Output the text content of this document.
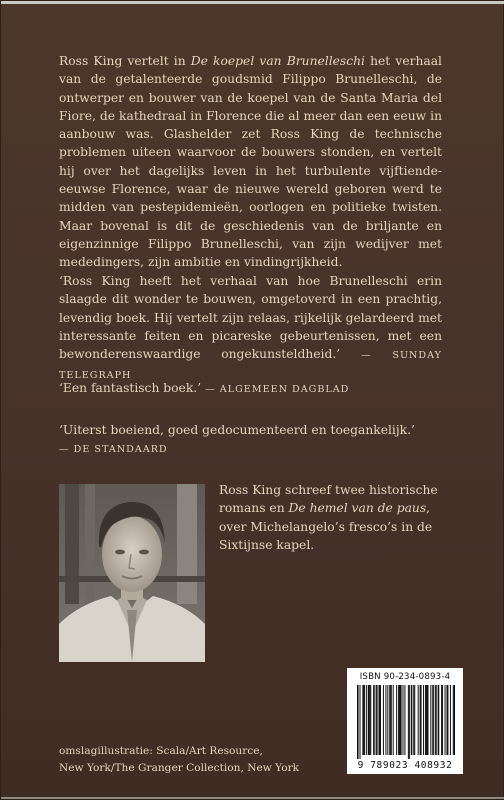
Ross King vertelt in De koepel van Brunelleschi het verhaal van de getalenteerde goudsmid Filippo Brunelleschi, de ontwerper en bouwer van de koepel van de Santa Maria del Fiore, de kathedraal in Florence die al meer dan een eeuw in aanbouw was. Glashelder zet Ross King de technische problemen uiteen waarvoor de bouwers stonden, en vertelt hij over het dagelijks leven in het turbulente vijftiende-eeuwse Florence, waar de nieuwe wereld geboren werd te midden van pestepidemieën, oorlogen en politieke twisten. Maar bovenal is dit de geschiedenis van de briljante en eigenzinnige Filippo Brunelleschi, van zijn wedijver met mededingers, zijn ambitie en vindingrijkheid.

‘Ross King heeft het verhaal van hoe Brunelleschi erin slaagde dit wonder te bouwen, omgetoverd in een prachtig, levendig boek. Hij vertelt zijn relaas, rijkelijk gelardeerd met interessante feiten en picareske gebeurtenissen, met een bewonderenswaardige ongekunsteldheid.’ — SUNDAY TELEGRAPH

‘Een fantastisch boek.’ — ALGEMEEN DAGBLAD

‘Uiterst boeiend, goed gedocumenteerd en toegankelijk.’
— DE STANDAARD

Ross King schreef twee historische romans en De hemel van de paus, over Michelangelo’s fresco’s in de Sixtijnse kapel.

ISBN 90-234-0893-4
9 789023 408932

omslagillustratie: Scala/Art Resource,
New York/The Granger Collection, New York
